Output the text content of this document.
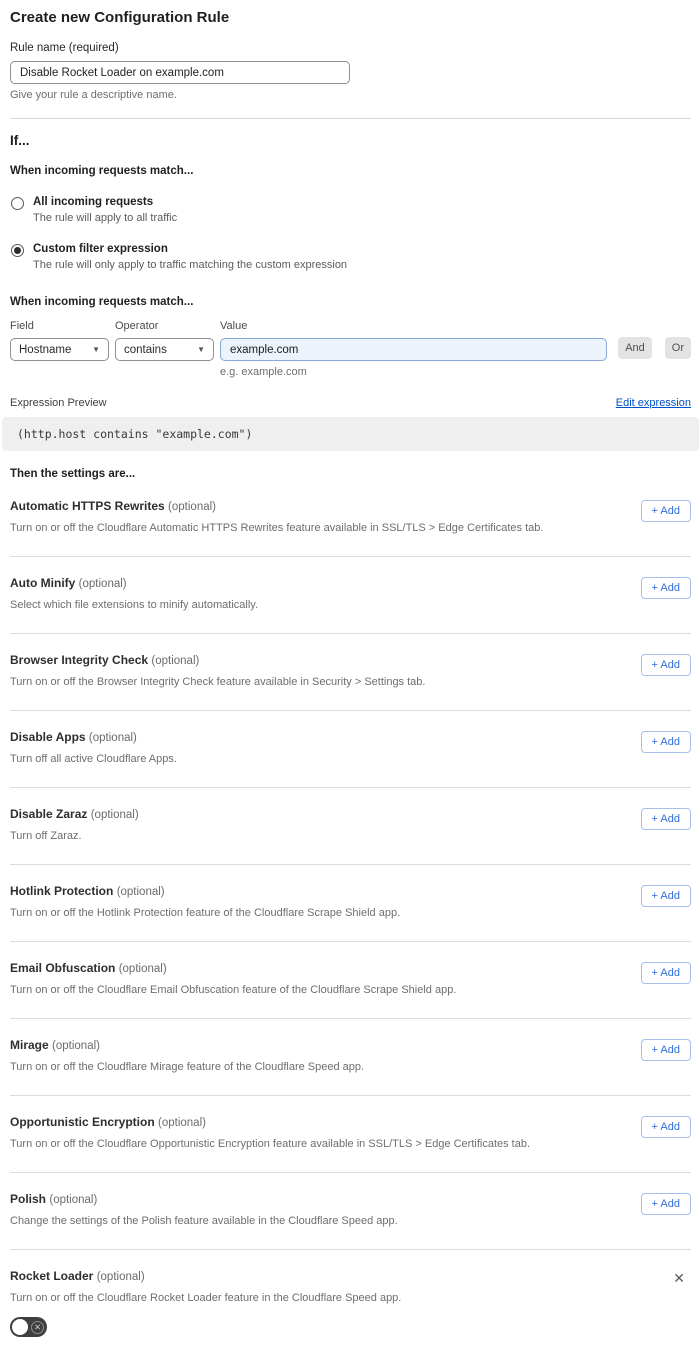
Create new Configuration Rule
Rule name (required)
Disable Rocket Loader on example.com
Give your rule a descriptive name.
If...
When incoming requests match...
All incoming requests
The rule will apply to all traffic
Custom filter expression
The rule will only apply to traffic matching the custom expression
When incoming requests match...
Field
Hostname	▼
Operator
contains	▼
Value
example.com
e.g. example.com
And	Or
Expression Preview	Edit expression
(http.host contains "example.com")
Then the settings are...
Automatic HTTPS Rewrites (optional)
Turn on or off the Cloudflare Automatic HTTPS Rewrites feature available in SSL/TLS > Edge Certificates tab.
+ Add
Auto Minify (optional)
Select which file extensions to minify automatically.
+ Add
Browser Integrity Check (optional)
Turn on or off the Browser Integrity Check feature available in Security > Settings tab.
+ Add
Disable Apps (optional)
Turn off all active Cloudflare Apps.
+ Add
Disable Zaraz (optional)
Turn off Zaraz.
+ Add
Hotlink Protection (optional)
Turn on or off the Hotlink Protection feature of the Cloudflare Scrape Shield app.
+ Add
Email Obfuscation (optional)
Turn on or off the Cloudflare Email Obfuscation feature of the Cloudflare Scrape Shield app.
+ Add
Mirage (optional)
Turn on or off the Cloudflare Mirage feature of the Cloudflare Speed app.
+ Add
Opportunistic Encryption (optional)
Turn on or off the Cloudflare Opportunistic Encryption feature available in SSL/TLS > Edge Certificates tab.
+ Add
Polish (optional)
Change the settings of the Polish feature available in the Cloudflare Speed app.
+ Add
Rocket Loader (optional)
Turn on or off the Cloudflare Rocket Loader feature in the Cloudflare Speed app.
✕
✕
